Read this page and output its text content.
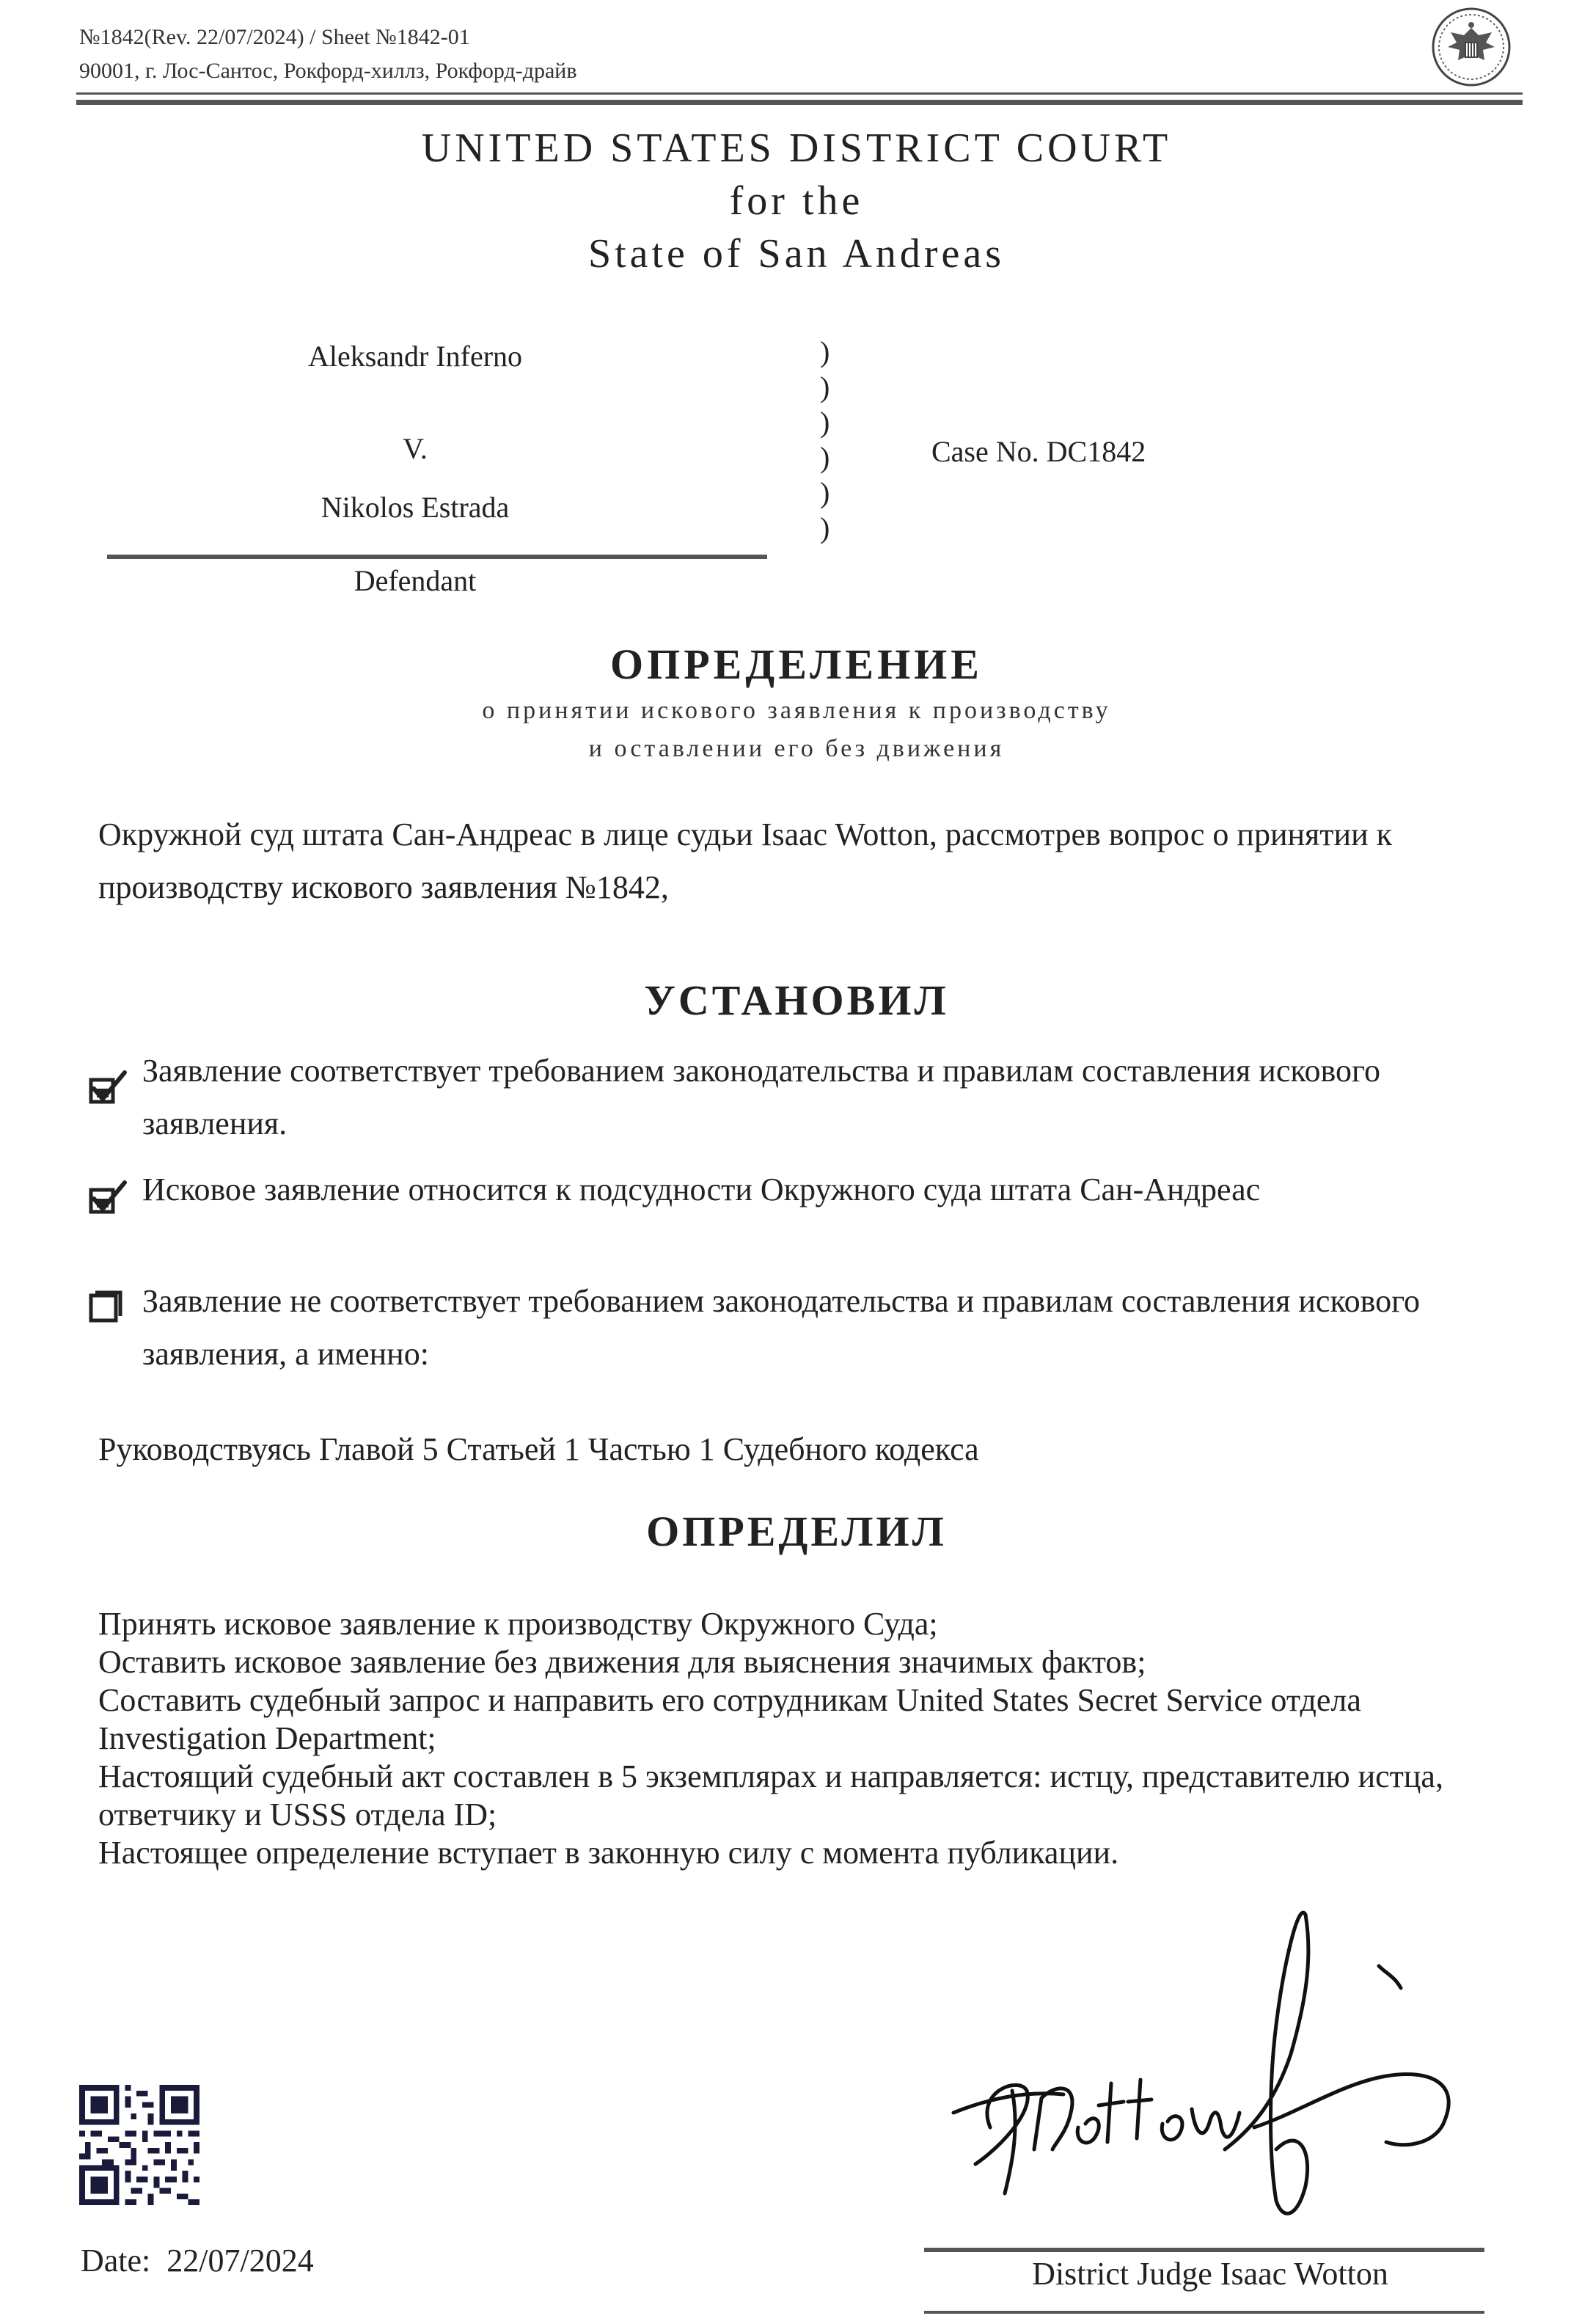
№1842(Rev. 22/07/2024) / Sheet №1842-01
90001, г. Лос-Сантос, Рокфорд-хиллз, Рокфорд-драйв
UNITED STATES DISTRICT COURT
for the
State of San Andreas
Aleksandr Inferno
V.
Nikolos Estrada
Defendant
)
)
)
)
)
)
Case No. DC1842
ОПРЕДЕЛЕНИЕ
о принятии искового заявления к производству
и оставлении его без движения
Окружной суд штата Сан-Андреас в лице судьи Isaac Wotton, рассмотрев вопрос о принятии к производству искового заявления №1842,
УСТАНОВИЛ
Заявление соответствует требованием законодательства и правилам составления искового заявления.
Исковое заявление относится к подсудности Окружного суда штата Сан-Андреас
Заявление не соответствует требованием законодательства и правилам составления искового заявления, а именно:
Руководствуясь Главой 5 Статьей 1 Частью 1 Судебного кодекса
ОПРЕДЕЛИЛ
Принять исковое заявление к производству Окружного Суда;
Оставить исковое заявление без движения для выяснения значимых фактов;
Составить судебный запрос и направить его сотрудникам United States Secret Service отдела Investigation Department;
Настоящий судебный акт составлен в 5 экземплярах и направляется: истцу, представителю истца, ответчику и USSS отдела ID;
Настоящее определение вступает в законную силу с момента публикации.
Date: 22/07/2024	District Judge Isaac Wotton
